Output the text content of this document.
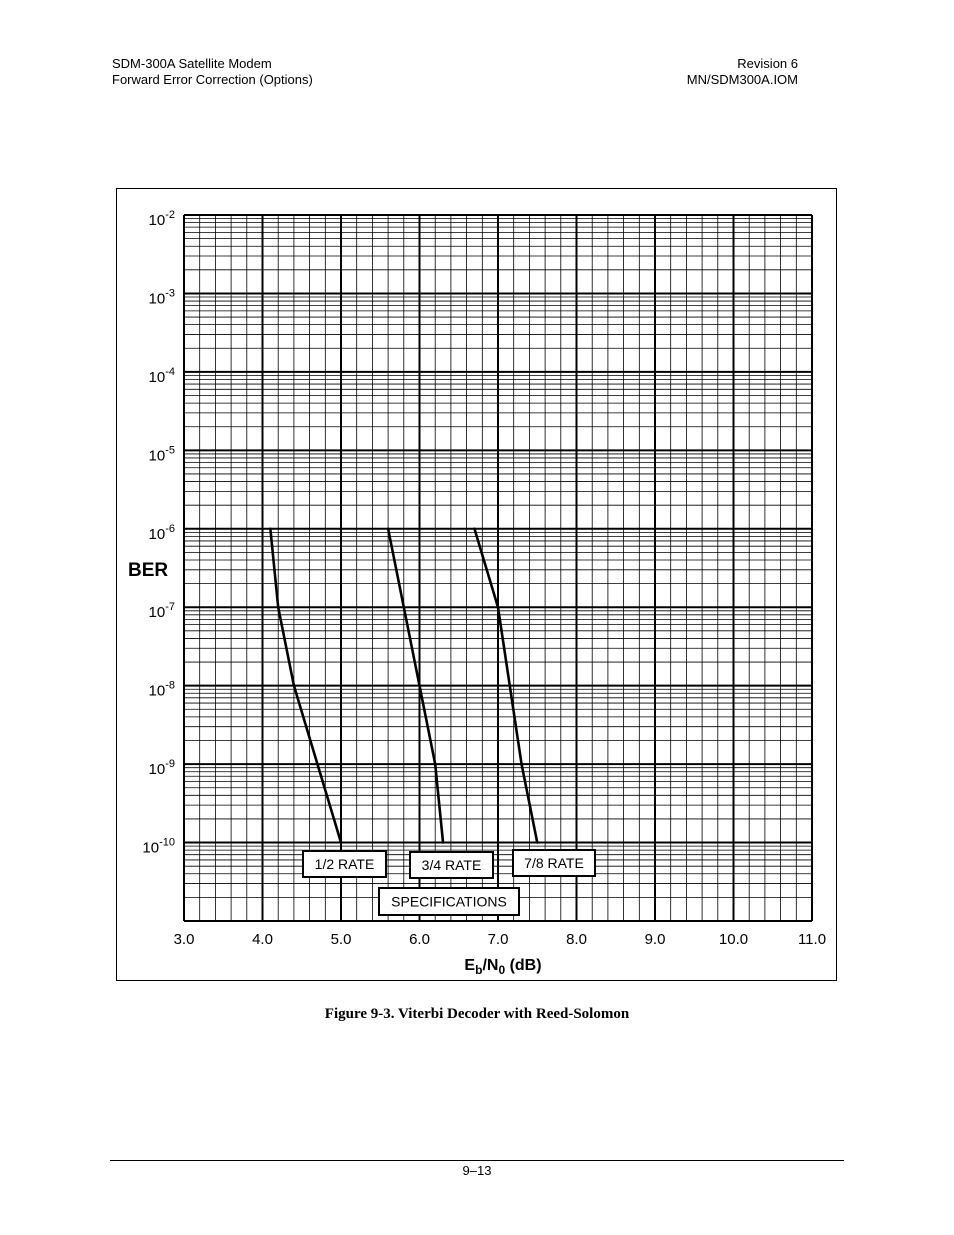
SDM-300A Satellite Modem
Forward Error Correction (Options)
Revision 6
MN/SDM300A.IOM
3.0	4.0	5.0	6.0	7.0	8.0	9.0	10.0	11.0
$10^{-2}$
$10^{-3}$
$10^{-4}$
$10^{-5}$
$10^{-6}$
$10^{-7}$
$10^{-8}$
$10^{-9}$
$10^{-10}$
1/2 RATE	3/4 RATE	7/8 RATE
SPECIFICATIONS
BER
$E_b/N_0$ (dB)
Figure 9-3. Viterbi Decoder with Reed-Solomon
9–13
